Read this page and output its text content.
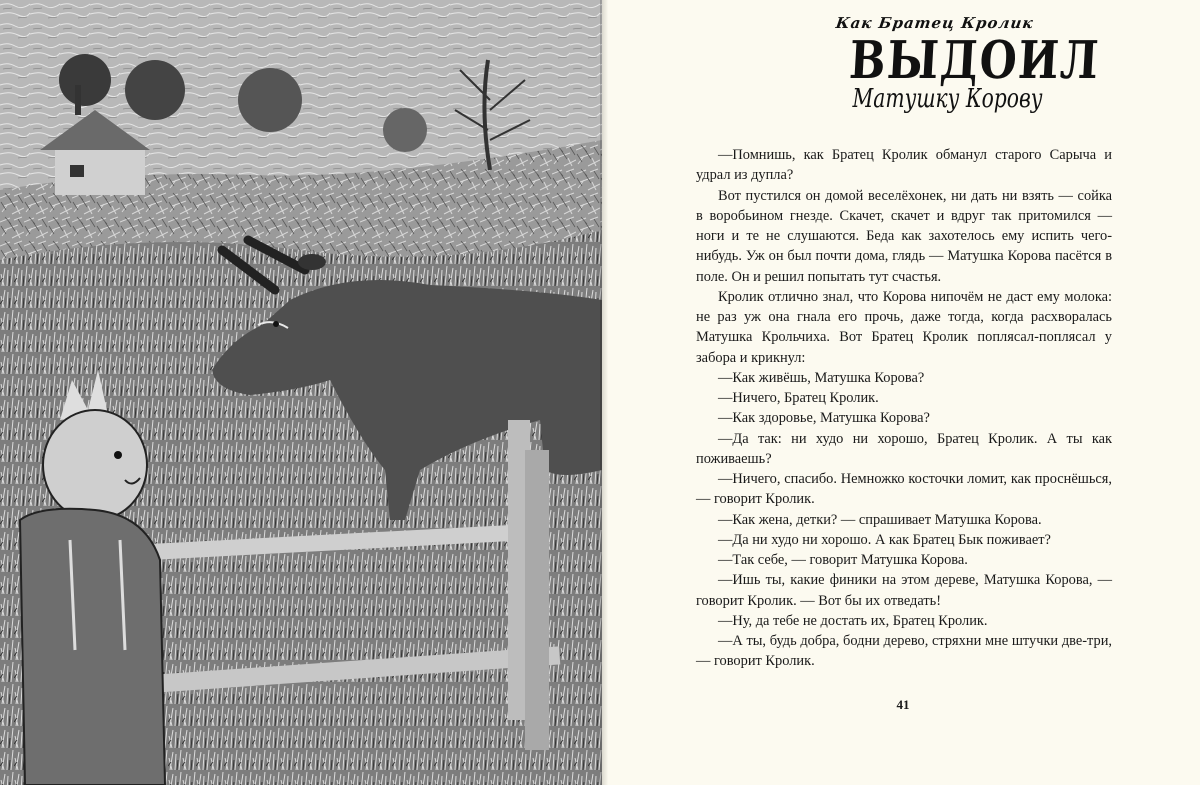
Как Братец Кролик
ВЫДОИЛ
Матушку Корову

—Помнишь, как Братец Кролик обманул старого Сарыча и удрал из дупла?

Вот пустился он домой веселёхонек, ни дать ни взять — сойка в воробьином гнезде. Скачет, скачет и вдруг так притомился — ноги и те не слушаются. Беда как захотелось ему испить чего-нибудь. Уж он был почти дома, глядь — Матушка Корова пасётся в поле. Он и решил попытать тут счастья.

Кролик отлично знал, что Корова нипочём не даст ему молока: не раз уж она гнала его прочь, даже тогда, когда расхворалась Матушка Крольчиха. Вот Братец Кролик поплясал-поплясал у забора и крикнул:

—Как живёшь, Матушка Корова?

—Ничего, Братец Кролик.

—Как здоровье, Матушка Корова?

—Да так: ни худо ни хорошо, Братец Кролик. А ты как поживаешь?

—Ничего, спасибо. Немножко косточки ломит, как проснёшься, — говорит Кролик.

—Как жена, детки? — спрашивает Матушка Корова.

—Да ни худо ни хорошо. А как Братец Бык поживает?

—Так себе, — говорит Матушка Корова.

—Ишь ты, какие финики на этом дереве, Матушка Корова, — говорит Кролик. — Вот бы их отведать!

—Ну, да тебе не достать их, Братец Кролик.

—А ты, будь добра, бодни дерево, стряхни мне штучки две-три, — говорит Кролик.

41
